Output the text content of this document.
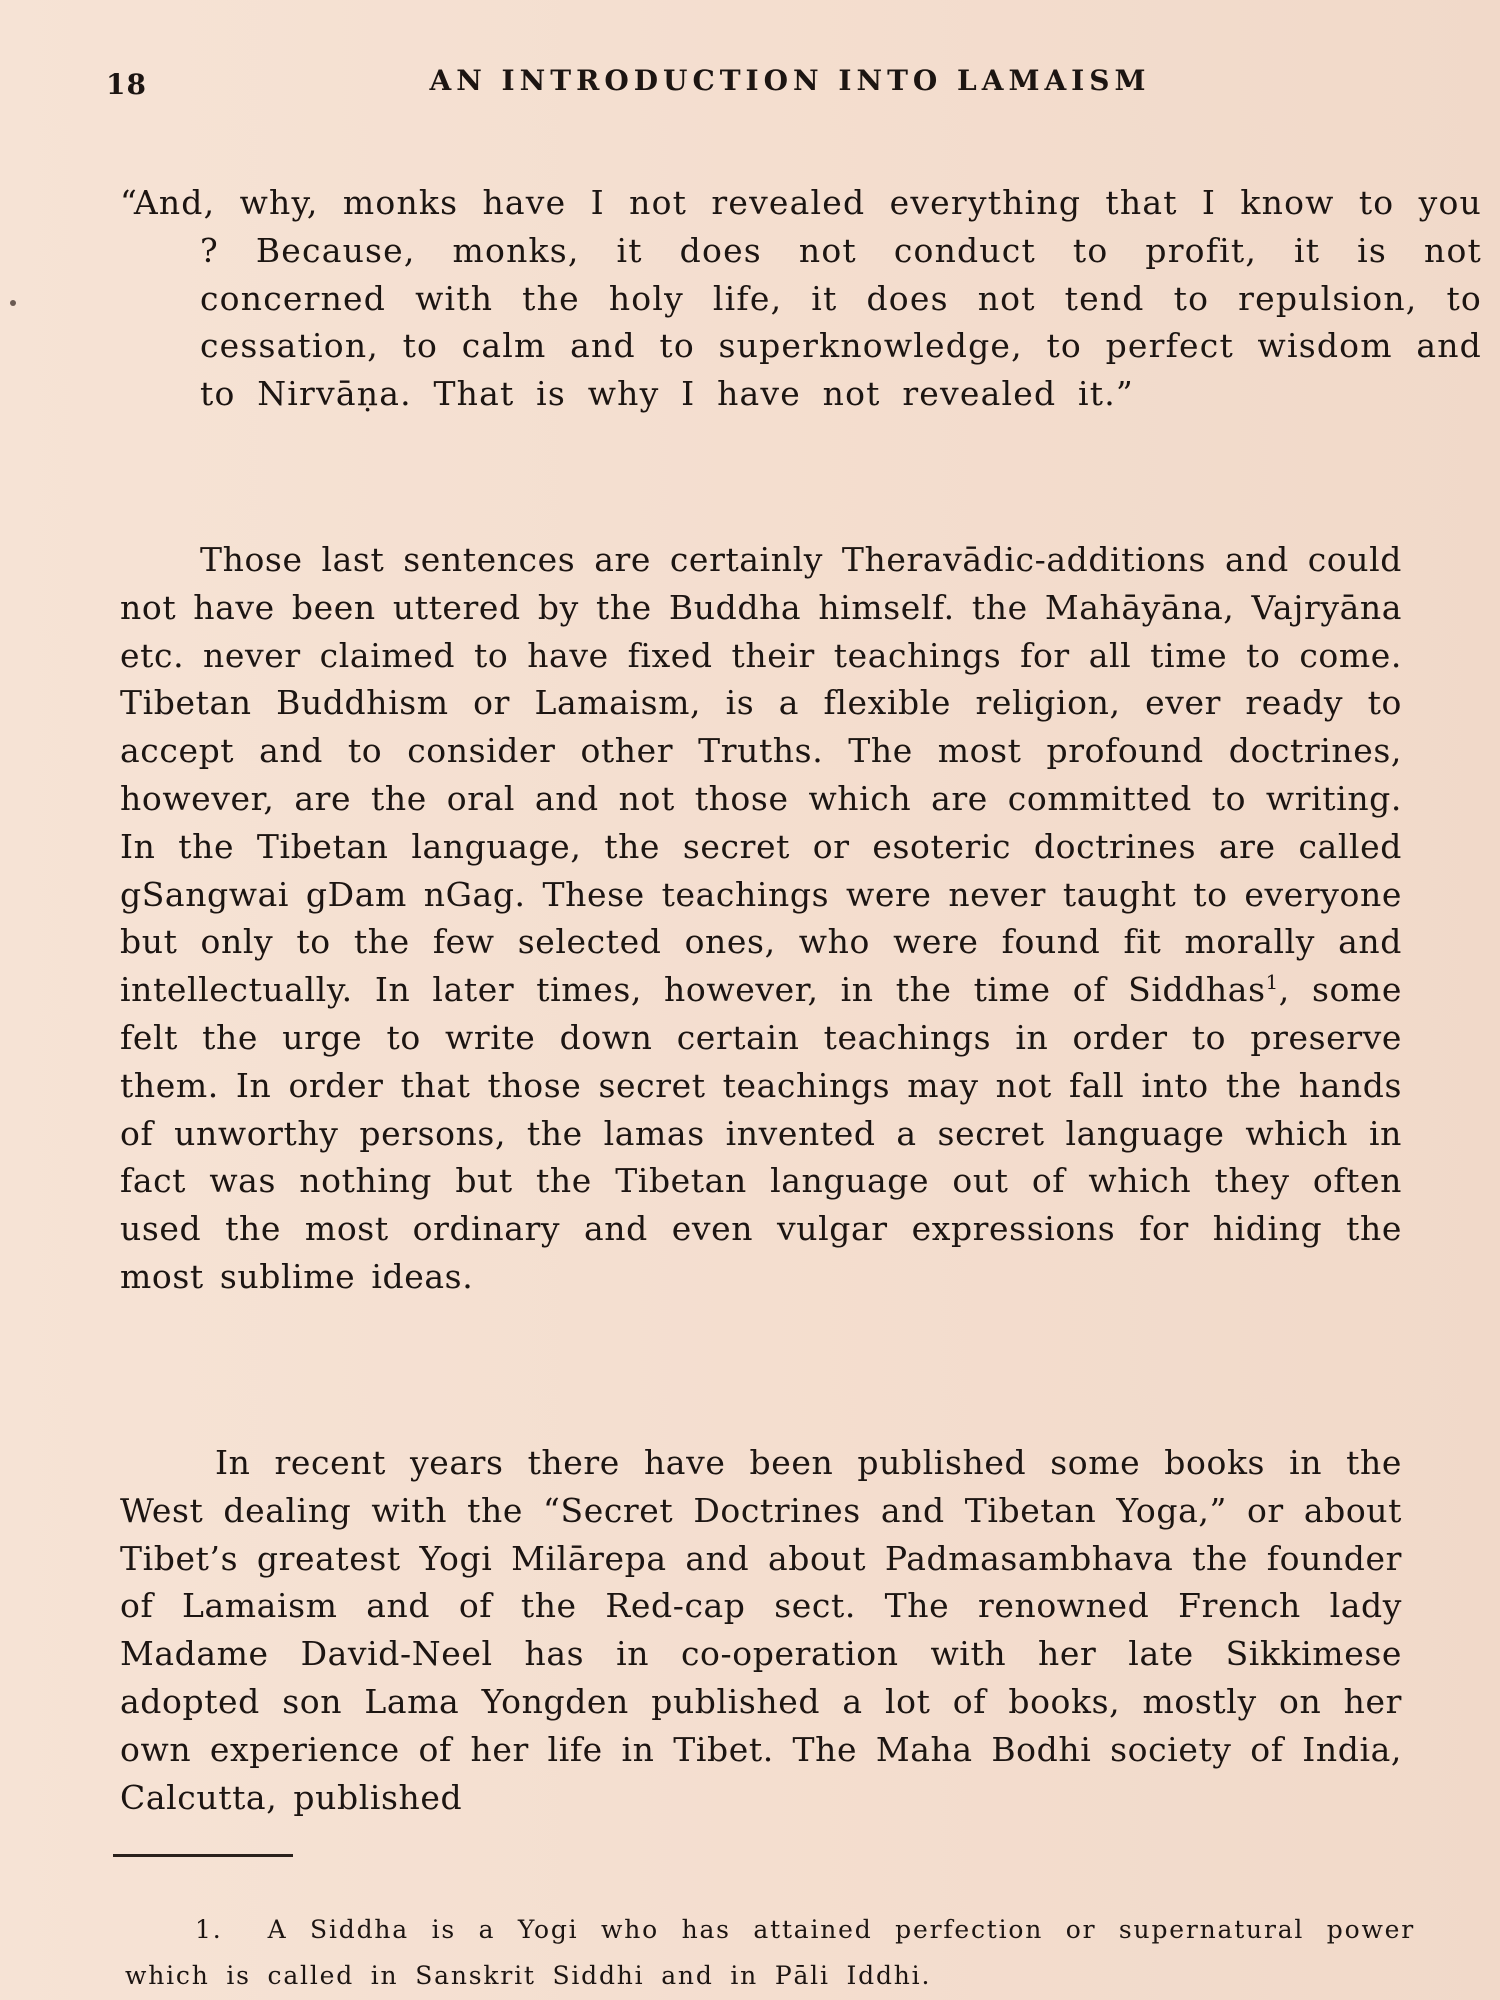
18	AN INTRODUCTION INTO LAMAISM

“And, why, monks have I not revealed everything that I know to you ? Because, monks, it does not conduct to profit, it is not concerned with the holy life, it does not tend to repulsion, to cessation, to calm and to superknowledge, to perfect wisdom and to Nirvāṇa. That is why I have not revealed it.”

Those last sentences are certainly Theravādic-additions and could not have been uttered by the Buddha himself. the Mahāyāna, Vajryāna etc. never claimed to have fixed their teachings for all time to come. Tibetan Buddhism or Lamaism, is a flexible religion, ever ready to accept and to consider other Truths. The most profound doctrines, however, are the oral and not those which are committed to writing. In the Tibetan language, the secret or esoteric doctrines are called gSangwai gDam nGag. These teachings were never taught to everyone but only to the few selected ones, who were found fit morally and intellectually. In later times, however, in the time of Siddhas$^1$, some felt the urge to write down certain teachings in order to preserve them. In order that those secret teachings may not fall into the hands of unworthy persons, the lamas invented a secret language which in fact was nothing but the Tibetan language out of which they often used the most ordinary and even vulgar expressions for hiding the most sublime ideas.

In recent years there have been published some books in the West dealing with the “Secret Doctrines and Tibetan Yoga,” or about Tibet’s greatest Yogi Milārepa and about Padmasambhava the founder of Lamaism and of the Red-cap sect. The renowned French lady Madame David-Neel has in co-operation with her late Sikkimese adopted son Lama Yongden published a lot of books, mostly on her own experience of her life in Tibet. The Maha Bodhi society of India, Calcutta, published

1. A Siddha is a Yogi who has attained perfection or supernatural power which is called in Sanskrit Siddhi and in Pāli Iddhi.
